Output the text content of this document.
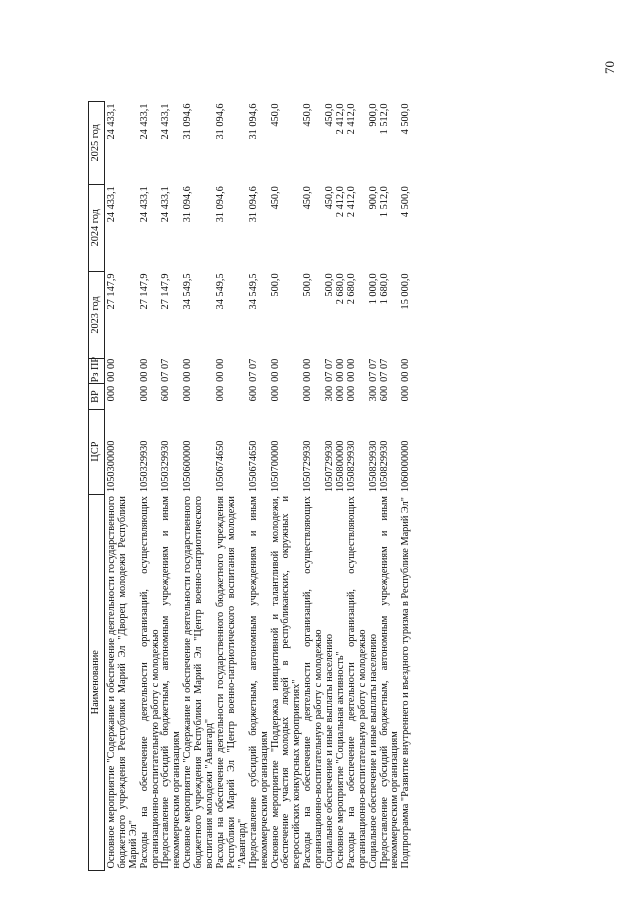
70
Наименование	ЦСР	ВР	Рз ПР	2023 год	2024 год	2025 год
Основное мероприятие "Содержание и обеспечение деятельности государственного бюджетного учреждения Республики Марий Эл "Дворец молодежи Республики Марий Эл"	1050300000	000	00 00	27 147,9	24 433,1	24 433,1
Расходы на обеспечение деятельности организаций, осуществляющих организационно-воспитательную работу с молодежью	1050329930	000	00 00	27 147,9	24 433,1	24 433,1
Предоставление субсидий бюджетным, автономным учреждениям и иным некоммерческим организациям	1050329930	600	07 07	27 147,9	24 433,1	24 433,1
Основное мероприятие "Содержание и обеспечение деятельности государственного бюджетного учреждения Республики Марий Эл "Центр военно-патриотического воспитания молодежи "Авангард"	1050600000	000	00 00	34 549,5	31 094,6	31 094,6
Расходы на обеспечение деятельности государственного бюджетного учреждения Республики Марий Эл "Центр военно-патриотического воспитания молодежи "Авангард"	1050674650	000	00 00	34 549,5	31 094,6	31 094,6
Предоставление субсидий бюджетным, автономным учреждениям и иным некоммерческим организациям	1050674650	600	07 07	34 549,5	31 094,6	31 094,6
Основное мероприятие "Поддержка инициативной и талантливой молодежи, обеспечение участия молодых людей в республиканских, окружных и всероссийских конкурсных мероприятиях"	1050700000	000	00 00	500,0	450,0	450,0
Расходы на обеспечение деятельности организаций, осуществляющих организационно-воспитательную работу с молодежью	1050729930	000	00 00	500,0	450,0	450,0
Социальное обеспечение и иные выплаты населению	1050729930	300	07 07	500,0	450,0	450,0
Основное мероприятие "Социальная активность"	1050800000	000	00 00	2 680,0	2 412,0	2 412,0
Расходы на обеспечение деятельности организаций, осуществляющих организационно-воспитательную работу с молодежью	1050829930	000	00 00	2 680,0	2 412,0	2 412,0
Социальное обеспечение и иные выплаты населению	1050829930	300	07 07	1 000,0	900,0	900,0
Предоставление субсидий бюджетным, автономным учреждениям и иным некоммерческим организациям	1050829930	600	07 07	1 680,0	1 512,0	1 512,0
Подпрограмма "Развитие внутреннего и въездного туризма в Республике Марий Эл"	1060000000	000	00 00	15 000,0	4 500,0	4 500,0
